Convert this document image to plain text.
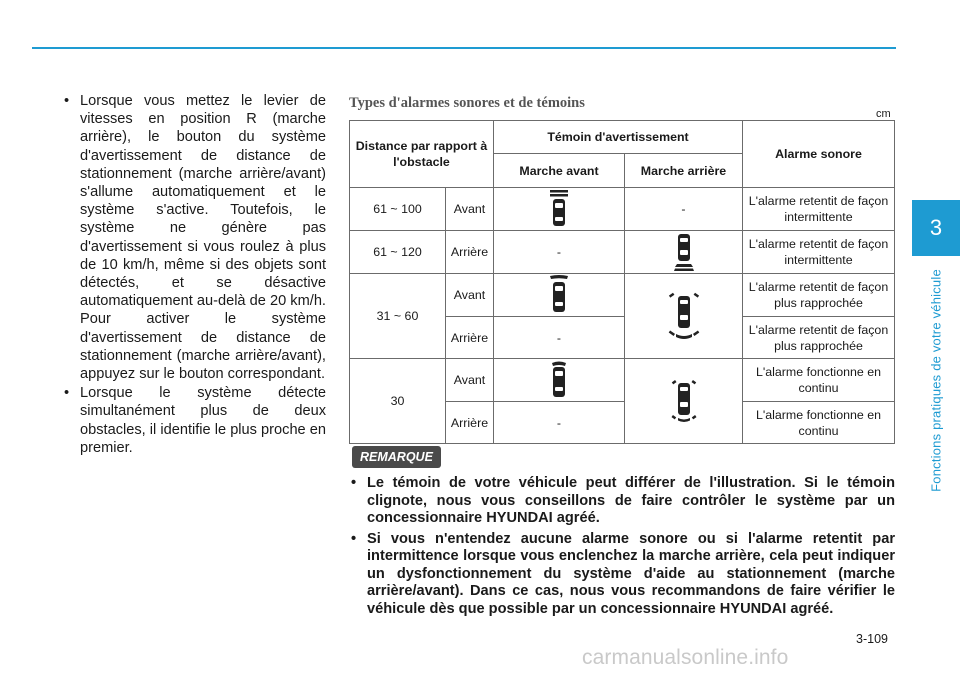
3
Fonctions pratiques de votre véhicule
• Lorsque vous mettez le levier de vitesses en position R (marche arrière), le bouton du système d'avertissement de distance de stationnement (marche arrière/avant) s'allume automatiquement et le système s'active. Toutefois, le système ne génère pas d'avertissement si vous roulez à plus de 10 km/h, même si des objets sont détectés, et se désactive automatiquement au-delà de 20 km/h. Pour activer le système d'avertissement de distance de stationnement (marche arrière/avant), appuyez sur le bouton correspondant.
• Lorsque le système détecte simultanément plus de deux obstacles, il identifie le plus proche en premier.
Types d'alarmes sonores et de témoins
cm
Distance par rapport à l'obstacle		Témoin d'avertissement		Alarme sonore
		Marche avant	Marche arrière	
61 ~ 100	Avant		-	L'alarme retentit de façon intermittente
61 ~ 120	Arrière	-		L'alarme retentit de façon intermittente
31 ~ 60	Avant			L'alarme retentit de façon plus rapprochée
	Arrière	-		L'alarme retentit de façon plus rapprochée
30	Avant			L'alarme fonctionne en continu
	Arrière	-		L'alarme fonctionne en continu
REMARQUE
• Le témoin de votre véhicule peut différer de l'illustration. Si le témoin clignote, nous vous conseillons de faire contrôler le système par un concessionnaire HYUNDAI agréé.
• Si vous n'entendez aucune alarme sonore ou si l'alarme retentit par intermittence lorsque vous enclenchez la marche arrière, cela peut indiquer un dysfonctionnement du système d'aide au stationnement (marche arrière/avant). Dans ce cas, nous vous recommandons de faire vérifier le véhicule dès que possible par un concessionnaire HYUNDAI agréé.
3-109
carmanualsonline.info
